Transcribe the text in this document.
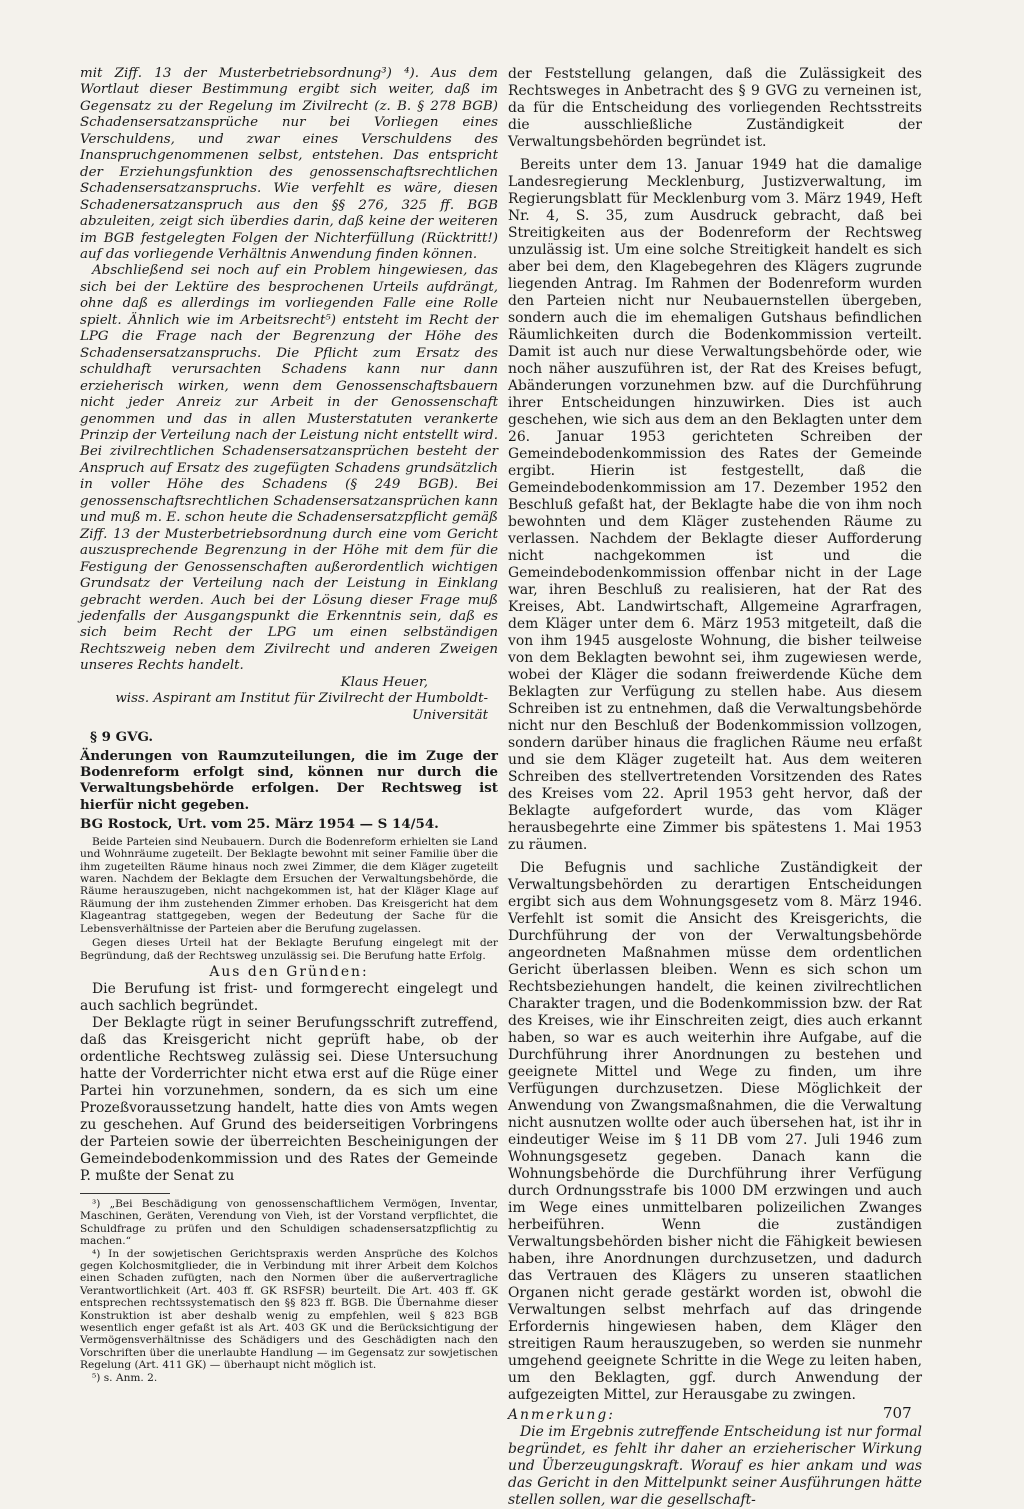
mit Ziff. 13 der Musterbetriebsordnung³) ⁴). Aus dem Wortlaut dieser Bestimmung ergibt sich weiter, daß im Gegensatz zu der Regelung im Zivilrecht (z. B. § 278 BGB) Schadensersatzansprüche nur bei Vorliegen eines Verschuldens, und zwar eines Verschuldens des Inanspruchgenommenen selbst, entstehen. Das entspricht der Erziehungsfunktion des genossenschaftsrechtlichen Schadensersatzanspruchs. Wie verfehlt es wäre, diesen Schadenersatzanspruch aus den §§ 276, 325 ff. BGB abzuleiten, zeigt sich überdies darin, daß keine der weiteren im BGB festgelegten Folgen der Nichterfüllung (Rücktritt!) auf das vorliegende Verhältnis Anwendung finden können.

Abschließend sei noch auf ein Problem hingewiesen, das sich bei der Lektüre des besprochenen Urteils aufdrängt, ohne daß es allerdings im vorliegenden Falle eine Rolle spielt. Ähnlich wie im Arbeitsrecht⁵) entsteht im Recht der LPG die Frage nach der Begrenzung der Höhe des Schadensersatzanspruchs. Die Pflicht zum Ersatz des schuldhaft verursachten Schadens kann nur dann erzieherisch wirken, wenn dem Genossenschaftsbauern nicht jeder Anreiz zur Arbeit in der Genossenschaft genommen und das in allen Musterstatuten verankerte Prinzip der Verteilung nach der Leistung nicht entstellt wird. Bei zivilrechtlichen Schadensersatzansprüchen besteht der Anspruch auf Ersatz des zugefügten Schadens grundsätzlich in voller Höhe des Schadens (§ 249 BGB). Bei genossenschaftsrechtlichen Schadensersatzansprüchen kann und muß m. E. schon heute die Schadensersatzpflicht gemäß Ziff. 13 der Musterbetriebsordnung durch eine vom Gericht auszusprechende Begrenzung in der Höhe mit dem für die Festigung der Genossenschaften außerordentlich wichtigen Grundsatz der Verteilung nach der Leistung in Einklang gebracht werden. Auch bei der Lösung dieser Frage muß jedenfalls der Ausgangspunkt die Erkenntnis sein, daß es sich beim Recht der LPG um einen selbständigen Rechtszweig neben dem Zivilrecht und anderen Zweigen unseres Rechts handelt.

Klaus Heuer,

wiss. Aspirant am Institut für Zivilrecht der Humboldt-Universität

§ 9 GVG.

Änderungen von Raumzuteilungen, die im Zuge der Bodenreform erfolgt sind, können nur durch die Verwaltungsbehörde erfolgen. Der Rechtsweg ist hierfür nicht gegeben.

BG Rostock, Urt. vom 25. März 1954 — S 14/54.

Beide Parteien sind Neubauern. Durch die Bodenreform erhielten sie Land und Wohnräume zugeteilt. Der Beklagte bewohnt mit seiner Familie über die ihm zugeteilten Räume hinaus noch zwei Zimmer, die dem Kläger zugeteilt waren. Nachdem der Beklagte dem Ersuchen der Verwaltungsbehörde, die Räume herauszugeben, nicht nachgekommen ist, hat der Kläger Klage auf Räumung der ihm zustehenden Zimmer erhoben. Das Kreisgericht hat dem Klageantrag stattgegeben, wegen der Bedeutung der Sache für die Lebensverhältnisse der Parteien aber die Berufung zugelassen.

Gegen dieses Urteil hat der Beklagte Berufung eingelegt mit der Begründung, daß der Rechtsweg unzulässig sei. Die Berufung hatte Erfolg.

Aus den Gründen:

Die Berufung ist frist- und formgerecht eingelegt und auch sachlich begründet.

Der Beklagte rügt in seiner Berufungsschrift zutreffend, daß das Kreisgericht nicht geprüft habe, ob der ordentliche Rechtsweg zulässig sei. Diese Untersuchung hatte der Vorderrichter nicht etwa erst auf die Rüge einer Partei hin vorzunehmen, sondern, da es sich um eine Prozeßvoraussetzung handelt, hatte dies von Amts wegen zu geschehen. Auf Grund des beiderseitigen Vorbringens der Parteien sowie der überreichten Bescheinigungen der Gemeindebodenkommission und des Rates der Gemeinde P. mußte der Senat zu

³) „Bei Beschädigung von genossenschaftlichem Vermögen, Inventar, Maschinen, Geräten, Verendung von Vieh, ist der Vorstand verpflichtet, die Schuldfrage zu prüfen und den Schuldigen schadensersatzpflichtig zu machen.“

⁴) In der sowjetischen Gerichtspraxis werden Ansprüche des Kolchos gegen Kolchosmitglieder, die in Verbindung mit ihrer Arbeit dem Kolchos einen Schaden zufügten, nach den Normen über die außervertragliche Verantwortlichkeit (Art. 403 ff. GK RSFSR) beurteilt. Die Art. 403 ff. GK entsprechen rechtssystematisch den §§ 823 ff. BGB. Die Übernahme dieser Konstruktion ist aber deshalb wenig zu empfehlen, weil § 823 BGB wesentlich enger gefaßt ist als Art. 403 GK und die Berücksichtigung der Vermögensverhältnisse des Schädigers und des Geschädigten nach den Vorschriften über die unerlaubte Handlung — im Gegensatz zur sowjetischen Regelung (Art. 411 GK) — überhaupt nicht möglich ist.

⁵) s. Anm. 2.

der Feststellung gelangen, daß die Zulässigkeit des Rechtsweges in Anbetracht des § 9 GVG zu verneinen ist, da für die Entscheidung des vorliegenden Rechtsstreits die ausschließliche Zuständigkeit der Verwaltungsbehörden begründet ist.

Bereits unter dem 13. Januar 1949 hat die damalige Landesregierung Mecklenburg, Justizverwaltung, im Regierungsblatt für Mecklenburg vom 3. März 1949, Heft Nr. 4, S. 35, zum Ausdruck gebracht, daß bei Streitigkeiten aus der Bodenreform der Rechtsweg unzulässig ist. Um eine solche Streitigkeit handelt es sich aber bei dem, den Klagebegehren des Klägers zugrunde liegenden Antrag. Im Rahmen der Bodenreform wurden den Parteien nicht nur Neubauernstellen übergeben, sondern auch die im ehemaligen Gutshaus befindlichen Räumlichkeiten durch die Bodenkommission verteilt. Damit ist auch nur diese Verwaltungsbehörde oder, wie noch näher auszuführen ist, der Rat des Kreises befugt, Abänderungen vorzunehmen bzw. auf die Durchführung ihrer Entscheidungen hinzuwirken. Dies ist auch geschehen, wie sich aus dem an den Beklagten unter dem 26. Januar 1953 gerichteten Schreiben der Gemeindebodenkommission des Rates der Gemeinde ergibt. Hierin ist festgestellt, daß die Gemeindebodenkommission am 17. Dezember 1952 den Beschluß gefaßt hat, der Beklagte habe die von ihm noch bewohnten und dem Kläger zustehenden Räume zu verlassen. Nachdem der Beklagte dieser Aufforderung nicht nachgekommen ist und die Gemeindebodenkommission offenbar nicht in der Lage war, ihren Beschluß zu realisieren, hat der Rat des Kreises, Abt. Landwirtschaft, Allgemeine Agrarfragen, dem Kläger unter dem 6. März 1953 mitgeteilt, daß die von ihm 1945 ausgeloste Wohnung, die bisher teilweise von dem Beklagten bewohnt sei, ihm zugewiesen werde, wobei der Kläger die sodann freiwerdende Küche dem Beklagten zur Verfügung zu stellen habe. Aus diesem Schreiben ist zu entnehmen, daß die Verwaltungsbehörde nicht nur den Beschluß der Bodenkommission vollzogen, sondern darüber hinaus die fraglichen Räume neu erfaßt und sie dem Kläger zugeteilt hat. Aus dem weiteren Schreiben des stellvertretenden Vorsitzenden des Rates des Kreises vom 22. April 1953 geht hervor, daß der Beklagte aufgefordert wurde, das vom Kläger herausbegehrte eine Zimmer bis spätestens 1. Mai 1953 zu räumen.

Die Befugnis und sachliche Zuständigkeit der Verwaltungsbehörden zu derartigen Entscheidungen ergibt sich aus dem Wohnungsgesetz vom 8. März 1946. Verfehlt ist somit die Ansicht des Kreisgerichts, die Durchführung der von der Verwaltungsbehörde angeordneten Maßnahmen müsse dem ordentlichen Gericht überlassen bleiben. Wenn es sich schon um Rechtsbeziehungen handelt, die keinen zivilrechtlichen Charakter tragen, und die Bodenkommission bzw. der Rat des Kreises, wie ihr Einschreiten zeigt, dies auch erkannt haben, so war es auch weiterhin ihre Aufgabe, auf die Durchführung ihrer Anordnungen zu bestehen und geeignete Mittel und Wege zu finden, um ihre Verfügungen durchzusetzen. Diese Möglichkeit der Anwendung von Zwangsmaßnahmen, die die Verwaltung nicht ausnutzen wollte oder auch übersehen hat, ist ihr in eindeutiger Weise im § 11 DB vom 27. Juli 1946 zum Wohnungsgesetz gegeben. Danach kann die Wohnungsbehörde die Durchführung ihrer Verfügung durch Ordnungsstrafe bis 1000 DM erzwingen und auch im Wege eines unmittelbaren polizeilichen Zwanges herbeiführen. Wenn die zuständigen Verwaltungsbehörden bisher nicht die Fähigkeit bewiesen haben, ihre Anordnungen durchzusetzen, und dadurch das Vertrauen des Klägers zu unseren staatlichen Organen nicht gerade gestärkt worden ist, obwohl die Verwaltungen selbst mehrfach auf das dringende Erfordernis hingewiesen haben, dem Kläger den streitigen Raum herauszugeben, so werden sie nunmehr umgehend geeignete Schritte in die Wege zu leiten haben, um den Beklagten, ggf. durch Anwendung der aufgezeigten Mittel, zur Herausgabe zu zwingen.

Anmerkung:

Die im Ergebnis zutreffende Entscheidung ist nur formal begründet, es fehlt ihr daher an erzieherischer Wirkung und Überzeugungskraft. Worauf es hier ankam und was das Gericht in den Mittelpunkt seiner Ausführungen hätte stellen sollen, war die gesellschaft-

707
